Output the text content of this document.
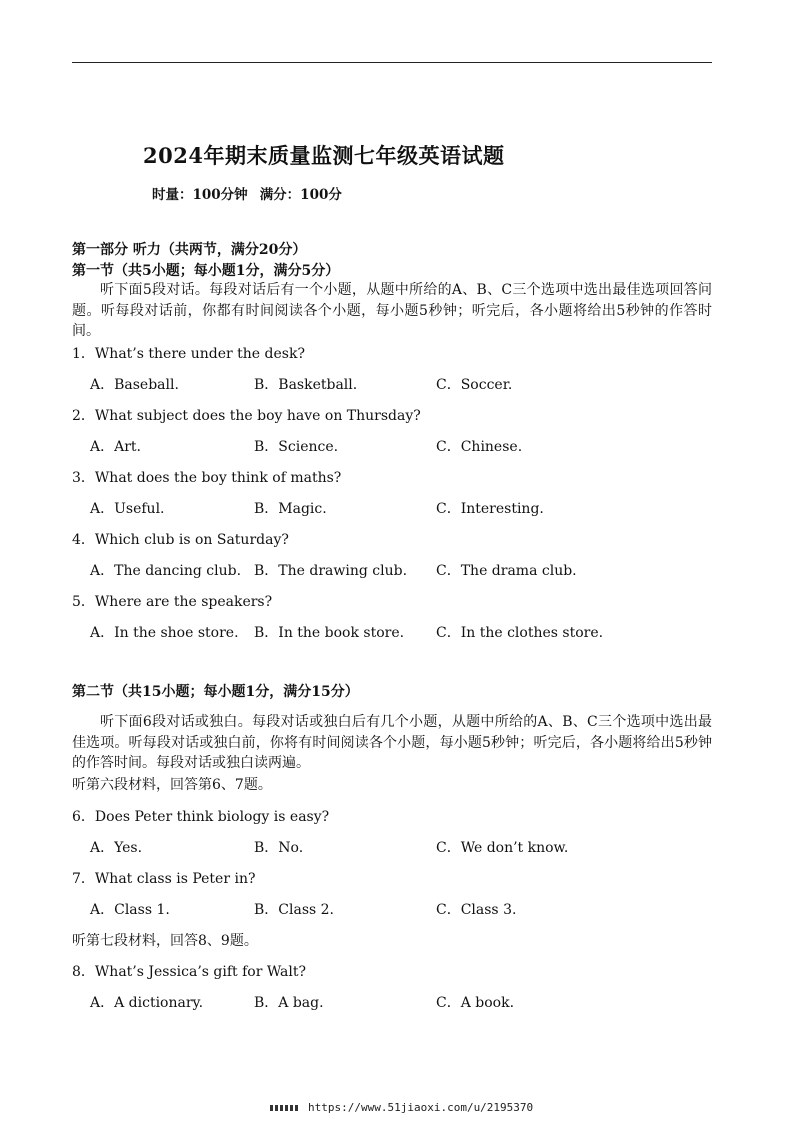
2024年期末质量监测七年级英语试题
时量：100分钟 满分：100分
第一部分 听力（共两节，满分20分）
第一节（共5小题；每小题1分，满分5分）
听下面5段对话。每段对话后有一个小题，从题中所给的A、B、C三个选项中选出最佳选项回答问题。听每段对话前，你都有时间阅读各个小题，每小题5秒钟；听完后，各小题将给出5秒钟的作答时间。
1．What’s there under the desk?
A．Baseball.	B．Basketball.	C．Soccer.
2．What subject does the boy have on Thursday?
A．Art.	B．Science.	C．Chinese.
3．What does the boy think of maths?
A．Useful.	B．Magic.	C．Interesting.
4．Which club is on Saturday?
A．The dancing club. B．The drawing club. C．The drama club.
5．Where are the speakers?
A．In the shoe store. B．In the book store. C．In the clothes store.
第二节（共15小题；每小题1分，满分15分）
听下面6段对话或独白。每段对话或独白后有几个小题，从题中所给的A、B、C三个选项中选出最佳选项。听每段对话或独白前，你将有时间阅读各个小题，每小题5秒钟；听完后，各小题将给出5秒钟的作答时间。每段对话或独白读两遍。
听第六段材料，回答第6、7题。
6．Does Peter think biology is easy?
A．Yes.	B．No.	C．We don’t know.
7．What class is Peter in?
A．Class 1.	B．Class 2.	C．Class 3.
听第七段材料，回答8、9题。
8．What’s Jessica’s gift for Walt?
A．A dictionary.	B．A bag.	C．A book.
https://www.51jiaoxi.com/u/2195370
